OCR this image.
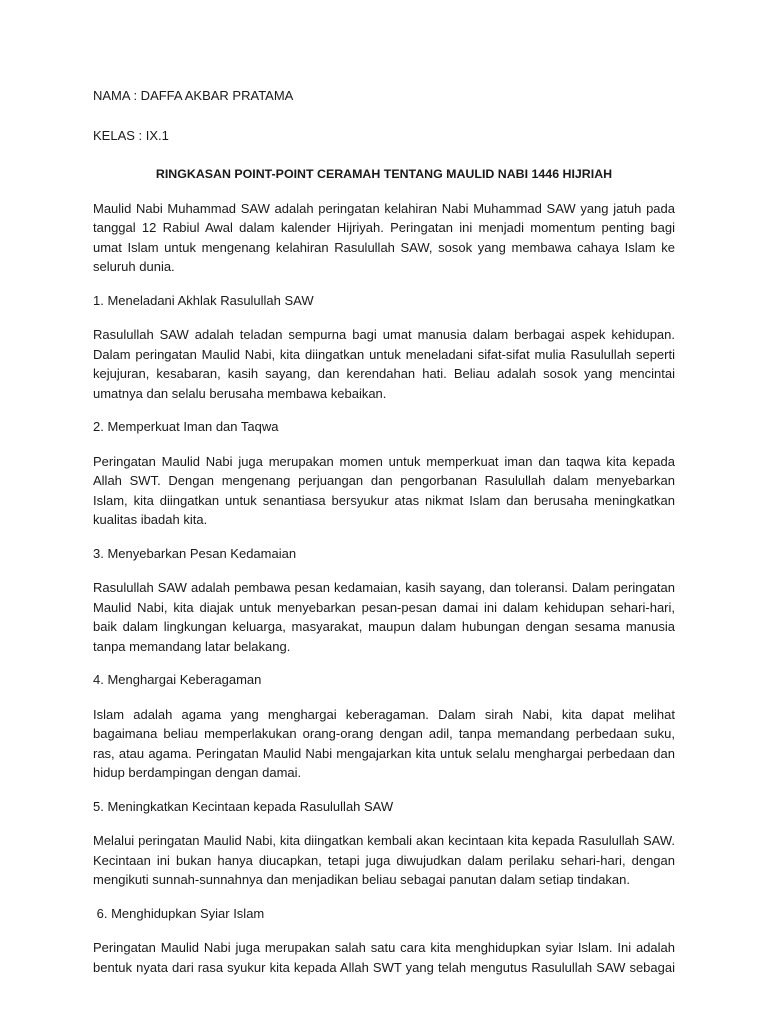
NAMA : DAFFA AKBAR PRATAMA

KELAS : IX.1

RINGKASAN POINT-POINT CERAMAH TENTANG MAULID NABI 1446 HIJRIAH

Maulid Nabi Muhammad SAW adalah peringatan kelahiran Nabi Muhammad SAW yang jatuh pada tanggal 12 Rabiul Awal dalam kalender Hijriyah. Peringatan ini menjadi momentum penting bagi umat Islam untuk mengenang kelahiran Rasulullah SAW, sosok yang membawa cahaya Islam ke seluruh dunia.

1. Meneladani Akhlak Rasulullah SAW

Rasulullah SAW adalah teladan sempurna bagi umat manusia dalam berbagai aspek kehidupan. Dalam peringatan Maulid Nabi, kita diingatkan untuk meneladani sifat-sifat mulia Rasulullah seperti kejujuran, kesabaran, kasih sayang, dan kerendahan hati. Beliau adalah sosok yang mencintai umatnya dan selalu berusaha membawa kebaikan.

2. Memperkuat Iman dan Taqwa

Peringatan Maulid Nabi juga merupakan momen untuk memperkuat iman dan taqwa kita kepada Allah SWT. Dengan mengenang perjuangan dan pengorbanan Rasulullah dalam menyebarkan Islam, kita diingatkan untuk senantiasa bersyukur atas nikmat Islam dan berusaha meningkatkan kualitas ibadah kita.

3. Menyebarkan Pesan Kedamaian

Rasulullah SAW adalah pembawa pesan kedamaian, kasih sayang, dan toleransi. Dalam peringatan Maulid Nabi, kita diajak untuk menyebarkan pesan-pesan damai ini dalam kehidupan sehari-hari, baik dalam lingkungan keluarga, masyarakat, maupun dalam hubungan dengan sesama manusia tanpa memandang latar belakang.

4. Menghargai Keberagaman

Islam adalah agama yang menghargai keberagaman. Dalam sirah Nabi, kita dapat melihat bagaimana beliau memperlakukan orang-orang dengan adil, tanpa memandang perbedaan suku, ras, atau agama. Peringatan Maulid Nabi mengajarkan kita untuk selalu menghargai perbedaan dan hidup berdampingan dengan damai.

5. Meningkatkan Kecintaan kepada Rasulullah SAW

Melalui peringatan Maulid Nabi, kita diingatkan kembali akan kecintaan kita kepada Rasulullah SAW. Kecintaan ini bukan hanya diucapkan, tetapi juga diwujudkan dalam perilaku sehari-hari, dengan mengikuti sunnah-sunnahnya dan menjadikan beliau sebagai panutan dalam setiap tindakan.

6. Menghidupkan Syiar Islam

Peringatan Maulid Nabi juga merupakan salah satu cara kita menghidupkan syiar Islam. Ini adalah bentuk nyata dari rasa syukur kita kepada Allah SWT yang telah mengutus Rasulullah SAW sebagai
